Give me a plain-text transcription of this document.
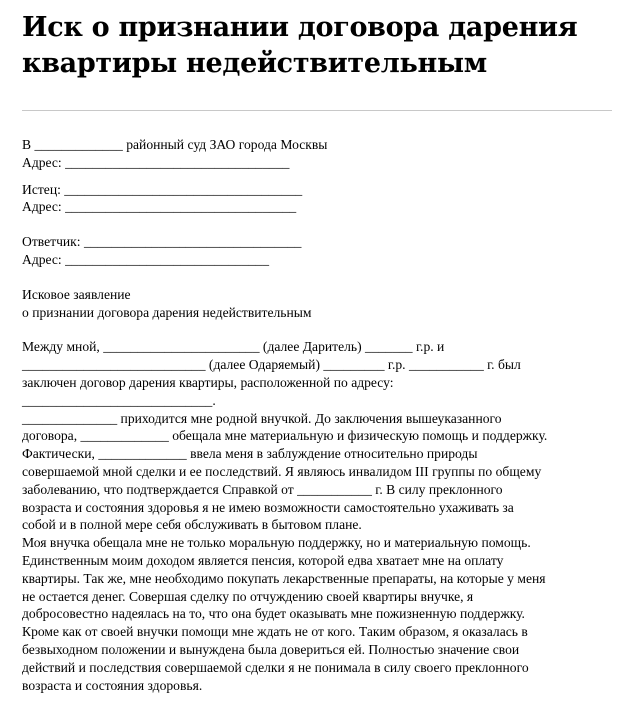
Иск о признании договора дарения
квартиры недействительным
В _____________ районный суд ЗАО города Москвы
Адрес: _________________________________
Истец: ___________________________________
Адрес: __________________________________
Ответчик: ________________________________
Адрес: ______________________________
Исковое заявление
о признании договора дарения недействительным
Между мной, _______________________ (далее Даритель) _______ г.р. и
___________________________ (далее Одаряемый) _________ г.р. ___________ г. был
заключен договор дарения квартиры, расположенной по адресу:
____________________________.
______________ приходится мне родной внучкой. До заключения вышеуказанного
договора, _____________ обещала мне материальную и физическую помощь и поддержку.
Фактически, _____________ ввела меня в заблуждение относительно природы
совершаемой мной сделки и ее последствий. Я являюсь инвалидом III группы по общему
заболеванию, что подтверждается Справкой от ___________ г. В силу преклонного
возраста и состояния здоровья я не имею возможности самостоятельно ухаживать за
собой и в полной мере себя обслуживать в бытовом плане.
Моя внучка обещала мне не только моральную поддержку, но и материальную помощь.
Единственным моим доходом является пенсия, которой едва хватает мне на оплату
квартиры. Так же, мне необходимо покупать лекарственные препараты, на которые у меня
не остается денег. Совершая сделку по отчуждению своей квартиры внучке, я
добросовестно надеялась на то, что она будет оказывать мне пожизненную поддержку.
Кроме как от своей внучки помощи мне ждать не от кого. Таким образом, я оказалась в
безвыходном положении и вынуждена была довериться ей. Полностью значение свои
действий и последствия совершаемой сделки я не понимала в силу своего преклонного
возраста и состояния здоровья.
